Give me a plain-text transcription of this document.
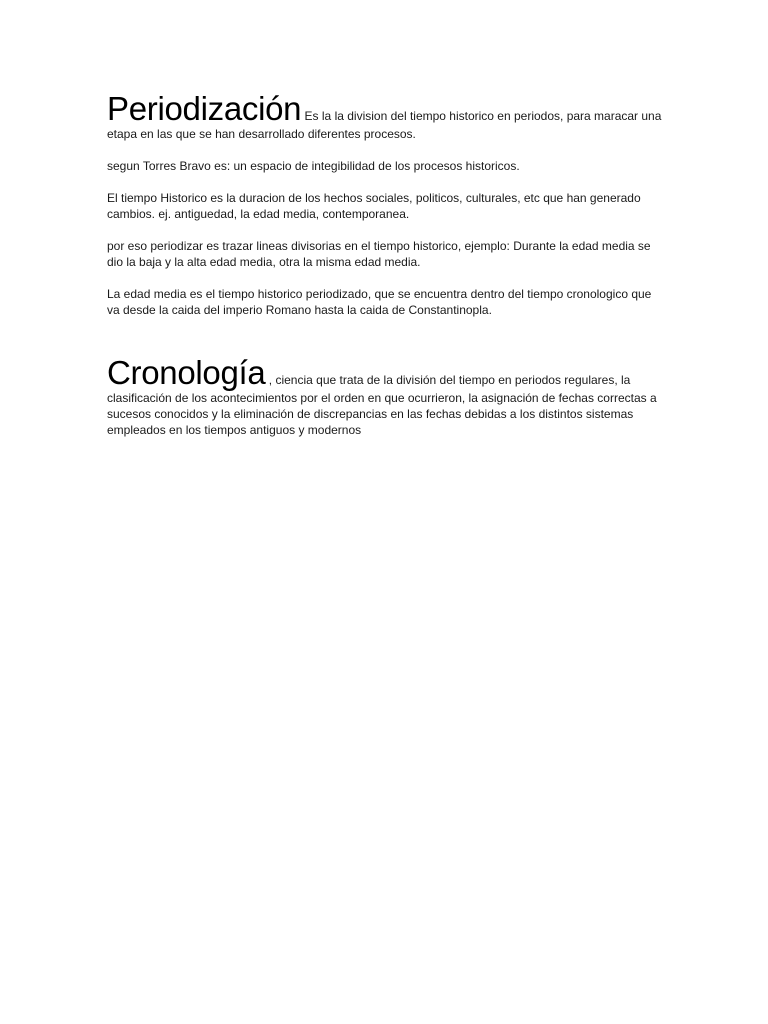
Periodización Es la la division del tiempo historico en periodos, para maracar una etapa en las que se han desarrollado diferentes procesos.

segun Torres Bravo es: un espacio de integibilidad de los procesos historicos.

El tiempo Historico es la duracion de los hechos sociales, politicos, culturales, etc que han generado cambios. ej. antiguedad, la edad media, contemporanea.

por eso periodizar es trazar lineas divisorias en el tiempo historico, ejemplo: Durante la edad media se dio la baja y la alta edad media, otra la misma edad media.

La edad media es el tiempo historico periodizado, que se encuentra dentro del tiempo cronologico que va desde la caida del imperio Romano hasta la caida de Constantinopla.

Cronología , ciencia que trata de la división del tiempo en periodos regulares, la clasificación de los acontecimientos por el orden en que ocurrieron, la asignación de fechas correctas a sucesos conocidos y la eliminación de discrepancias en las fechas debidas a los distintos sistemas empleados en los tiempos antiguos y modernos
